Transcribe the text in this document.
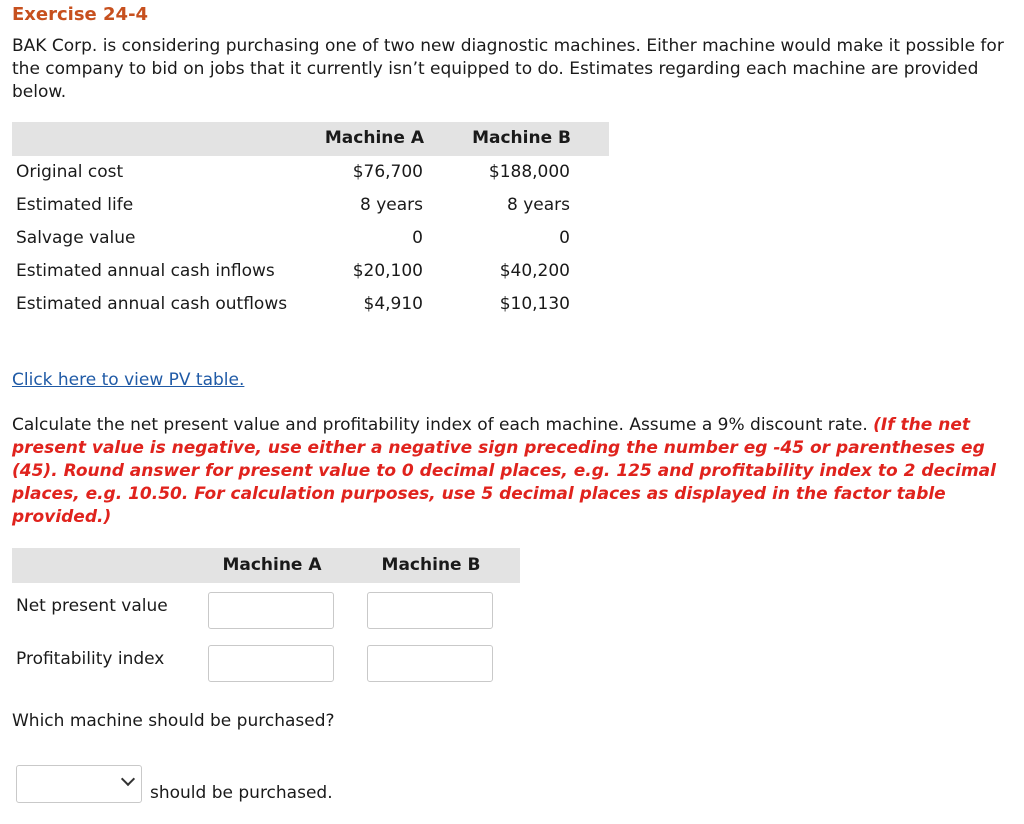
Exercise 24-4

BAK Corp. is considering purchasing one of two new diagnostic machines. Either machine would make it possible for the company to bid on jobs that it currently isn’t equipped to do. Estimates regarding each machine are provided below.

Machine A	Machine B
Original cost	$76,700	$188,000
Estimated life	8 years	8 years
Salvage value	0	0
Estimated annual cash inflows	$20,100	$40,200
Estimated annual cash outflows	$4,910	$10,130
Click here to view PV table.

Calculate the net present value and profitability index of each machine. Assume a 9% discount rate. (If the net present value is negative, use either a negative sign preceding the number eg -45 or parentheses eg (45). Round answer for present value to 0 decimal places, e.g. 125 and profitability index to 2 decimal places, e.g. 10.50. For calculation purposes, use 5 decimal places as displayed in the factor table provided.)

Machine A	Machine B
Net present value
Profitability index
Which machine should be purchased?
should be purchased.
